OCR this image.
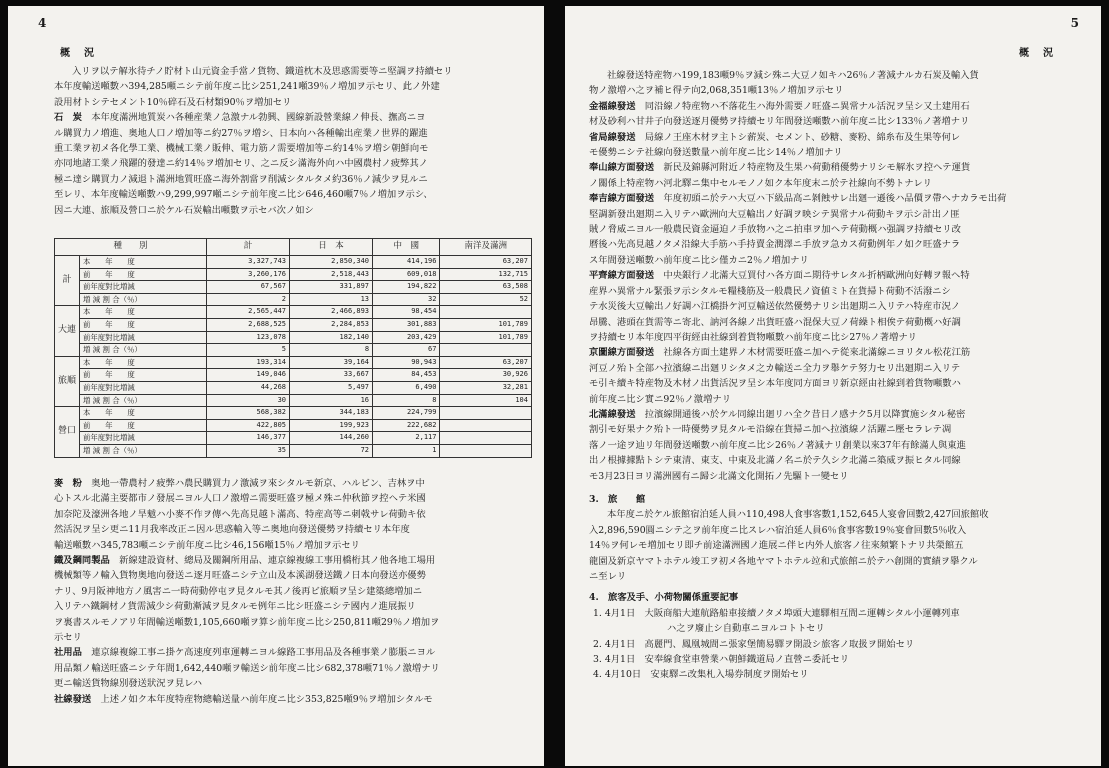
4
概　況
入リヲ以テ解氷待チノ貯材ト山元資金手當ノ貨物、鐵道枕木及思惑需要等ニ堅調ヲ持續セリ
本年度輸送噸數ハ394,285噸ニシテ前年度ニ比シ251,241噸39％ノ増加ヲ示セリ、此ノ外建
設用材トシテセメント10％碎石及石材類90％ヲ増加セリ
石　炭　本年度滿洲地質炭ハ各種産業ノ急激ナル勃興、國線新設營業線ノ伸長、撫高ニヨ
ル購買力ノ増進、奥地人口ノ増加等ニ約27％ヲ増シ、日本向ハ各種輸出産業ノ世界的躍進
重工業ヲ初メ各化學工業、機械工業ノ販伸、電力筋ノ需要増加等ニ約14％ヲ増シ朝鮮向モ
亦同地諸工業ノ飛躍的發達ニ約14％ヲ増加セリ、之ニ反シ滿海外向ハ中國農村ノ疲弊其ノ
極ニ達シ購買力ノ減退ト滿洲地質旺盛ニ海外割當ヲ削減シタルタメ約36％ノ減少ヲ見ルニ
至レリ、本年度輸送噸數ハ9,299,997噸ニシテ前年度ニ比シ646,460噸7％ノ増加ヲ示シ、
因ニ大連、旅順及營口ニ於ケル石炭輸出噸數ヲ示セバ次ノ如シ
種　　別		計	日　本	中　國	南洋及滿洲
計	本　　年　　度	3,327,743	2,850,340	414,196	63,207
	前　　年　　度	3,260,176	2,518,443	609,018	132,715
	前年度對比増減	67,567	331,897	194,822	63,508
	増 減 割 合（％）	2	13	32	52
大連	本　　年　　度	2,565,447	2,466,893	98,454	
	前　　年　　度	2,688,525	2,284,853	301,883	101,789
	前年度對比増減	123,078	182,140	203,429	101,789
	増 減 割 合（％）	5	8	67	
旅順	本　　年　　度	193,314	39,164	90,943	63,207
	前　　年　　度	149,046	33,667	84,453	30,926
	前年度對比増減	44,268	5,497	6,490	32,281
	増 減 割 合（％）	30	16	8	104
營口	本　　年　　度	568,382	344,183	224,799	
	前　　年　　度	422,805	199,923	222,682	
	前年度對比増減	146,377	144,260	2,117	
	増 減 割 合（％）	35	72	1	
麥　粉　奥地一帶農村ノ疲弊ハ農民購買力ノ激減ヲ來シタルモ新京、ハルビン、吉林ヲ中
心トスル北滿主要都市ノ發展ニヨル人口ノ激増ニ需要旺盛ヲ極メ殊ニ仲秋節ヲ控ヘテ米國
加奈陀及濠洲各地ノ旱魃ハ小麥不作ヲ傳ヘ先高見越ト滿高、特産高等ニ刺戟サレ荷動キ依
然活況ヲ呈シ更ニ11月我率改正ニ因ル思惑輸入等ニ奥地向發送優勢ヲ持續セリ本年度
輸送噸數ハ345,783噸ニシテ前年度ニ比シ46,156噸15％ノ増加ヲ示セリ
鐵及鋼同製品　新線建設資材、總局及關鋼所用品、連京線複線工事用橋桁其ノ他各地工場用
機械類等ノ輸入貨物奥地向發送ニ逐月旺盛ニシテ立山及本溪湖發送鐵ノ日本向發送亦優勢
ナリ、9月阪神地方ノ風害ニ一時荷動停屯ヲ見タルモ其ノ後再ビ旅順ヲ呈シ建築總増加ニ
入リテハ鐵鋼材ノ貨需減少シ荷動漸減ヲ見タルモ例年ニ比シ旺盛ニシテ國内ノ進展振リ
ヲ裏書スルモノアリ年間輸送噸數1,105,660噸ヲ算シ前年度ニ比シ250,811噸29％ノ増加ヲ
示セリ
社用品　連京線複線工事ニ掛ケ高速度列車運轉ニヨル線路工事用品及各種事業ノ膨脹ニヨル
用品類ノ輸送旺盛ニシテ年間1,642,440噸ヲ輸送シ前年度ニ比シ682,378噸71％ノ激増ナリ
更ニ輸送貨物線別發送狀況ヲ見レハ
社線發送　上述ノ如ク本年度特産物總輸送量ハ前年度ニ比シ353,825噸9％ヲ増加シタルモ
5
概　況
社線發送特産物ハ199,183噸9％ヲ減シ殊ニ大豆ノ如キハ26％ノ著減ナルカ石炭及輸入貨
物ノ激増ハ之ヲ補ヒ得テ向2,068,351噸13％ノ増加ヲ示セリ
金福線發送　同沿線ノ特産物ハ不落花生ハ海外需要ノ旺盛ニ異常ナル活況ヲ呈シ又土建用石
材及砂利ハ甘井子向發送逐月優勢ヲ持續セリ年間發送噸數ハ前年度ニ比シ133％ノ著増ナリ
省局線發送　局線ノ王座木材ヲ主トシ薪炭、セメント、砂糖、麥粉、綿糸布及生果等何レ
モ優勢ニシテ社線向發送數量ハ前年度ニ比シ14％ノ増加ナリ
奉山線方面發送　新民及錦縣河附近ノ特産物及生果ハ荷動稍優勢ナリシモ解氷ヲ控ヘテ運貨
ノ關係上特産物ハ河北驛ニ集中セルモノノ如ク本年度末ニ於テ社線向不勢トナレリ
奉吉線方面發送　年度初頭ニ於テハ大豆ハ下級品高ニ剝蝕サレ出廻一遜後ハ品價ヲ帶ヘナカラモ出荷
堅調新發出廻期ニ入リテハ歐洲向大豆輸出ノ好調ヲ映シテ異常ナル荷動キヲ示シ計出ノ匪
賊ノ脅威ニヨル一般農民資金逼迫ノ手放物ハ之ニ拍車ヲ加ヘテ荷動概ハ强調ヲ持續セリ改
曆後ハ先高見越ノタメ沿線大手筋ハ手持賣金潤澤ニ手放ヲ急カス荷動例年ノ如ク旺盛ナラ
ス年間發送噸數ハ前年度ニ比シ僅カニ2％ノ増加ナリ
平齊線方面發送　中央銀行ノ北滿大豆買付ハ各方面ニ期待サレタル折柄歐洲向好轉ヲ報ヘ特
産界ハ異常ナル緊張ヲ示シタルモ糧棧筋及一般農民ノ資値ミト在貨掃ト荷動不活潑ニシ
テ水災後大豆輸出ノ好調ハ江橋掛ケ河豆輸送依然優勢ナリシ出廻期ニ入リテハ特産市況ノ
昂騰、港頭在貨需等ニ寄北、訥河各線ノ出貨旺盛ハ混保大豆ノ荷繰ト相俟テ荷動概ハ好調
ヲ持續セリ本年度四平街經由社線到着貨物噸數ハ前年度ニ比シ27％ノ著増ナリ
京圖線方面發送　社線各方面土建界ノ木材需要旺盛ニ加ヘテ從來北滿線ニヨリタル松花江筋
河豆ノ殆ト全部ハ拉濱線ニ出廻リシタメ之カ輸送ニ全力ヲ舉ケテ努力セリ出廻期ニ入リテ
モ引キ續キ特産物及木材ノ出貨活況ヲ呈シ本年度同方面ヨリ新京經由社線到着貨物噸數ハ
前年度ニ比シ實ニ92％ノ激増ナリ
北滿線發送　拉濱線開通後ハ於ケル同線出廻リハ全ク昔日ノ感ナク5月以降實施シタル秘密
割引モ好果ナク殆ト一時優勢ヲ見タルモ沿線在貨掃ニ加ヘ拉濱線ノ活躍ニ壓セラレテ凋
落ノ一途ヲ辿リ年間發送噸數ハ前年度ニ比シ26％ノ著減ナリ創業以來37年有餘滿人與東進
出ノ根據據點トシテ東清、東支、中東及北滿ノ名ニ於テ久シク北滿ニ築威ヲ振ヒタル同線
モ3月23日ヨリ滿洲國有ニ歸シ北滿文化開拓ノ先驅ト一變セリ
3.　旅　　館
本年度ニ於ケル旅館宿泊延人員ハ110,498人食事客數1,152,645人宴會回數2,427回旅館收
入2,896,590圓ニシテ之ヲ前年度ニ比スレハ宿泊延人員6％食事客數19％宴會回數5％收入
14％ヲ何レモ増加セリ即チ前途滿洲國ノ進展ニ伴ヒ内外人旅客ノ往來頻繁トナリ共榮館五
龍園及新京ヤマトホテル竣工ヲ初メ各地ヤマトホテル竝和式旅館ニ於テハ創開的實績ヲ擧クル
ニ至レリ
4.　旅客及手、小荷物關係重要記事
1. 4月1日　大阪商船大連航路船車接續ノタメ埠頭大連驛相互間ニ運轉シタル小運轉列車
ハ之ヲ廢止シ自動車ニヨルコトトセリ
2. 4月1日　高麗門、鳳凰城間ニ張家堡簡易驛ヲ開設シ旅客ノ取扱ヲ開始セリ
3. 4月1日　安奉線食堂車營業ハ朝鮮鐵道局ノ直營ニ委託セリ
4. 4月10日　安東驛ニ改集札入場券制度ヲ開始セリ
